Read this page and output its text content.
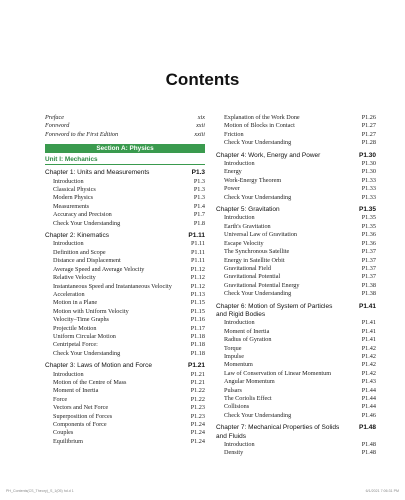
Contents
Preface	xix
Foreword	xxii
Foreword to the First Edition	xxiii
Section A: Physics
Unit I: Mechanics
Chapter 1: Units and Measurements	P1.3
Introduction	P1.3
Classical Physics	P1.3
Modern Physics	P1.3
Measurements	P1.4
Accuracy and Precision	P1.7
Check Your Understanding	P1.8
Chapter 2: Kinematics	P1.11
Introduction	P1.11
Definition and Scope	P1.11
Distance and Displacement	P1.11
Average Speed and Average Velocity	P1.12
Relative Velocity	P1.12
Instantaneous Speed and Instantaneous Velocity	P1.12
Acceleration	P1.13
Motion in a Plane	P1.15
Motion with Uniform Velocity	P1.15
Velocity–Time Graphs	P1.16
Projectile Motion	P1.17
Uniform Circular Motion	P1.18
Centripetal Force:	P1.18
Check Your Understanding	P1.18
Chapter 3: Laws of Motion and Force	P1.21
Introduction	P1.21
Motion of the Centre of Mass	P1.21
Moment of Inertia	P1.22
Force	P1.22
Vectors and Net Force	P1.23
Superposition of Forces	P1.23
Components of Force	P1.24
Couples	P1.24
Equilibrium	P1.24
Explanation of the Work Done	P1.26
Motion of Blocks in Contact	P1.27
Friction	P1.27
Check Your Understanding	P1.28
Chapter 4: Work, Energy and Power	P1.30
Introduction	P1.30
Energy	P1.30
Work-Energy Theorem	P1.33
Power	P1.33
Check Your Understanding	P1.33
Chapter 5: Gravitation	P1.35
Introduction	P1.35
Earth's Gravitation	P1.35
Universal Law of Gravitation	P1.36
Escape Velocity	P1.36
The Synchronous Satellite	P1.37
Energy in Satellite Orbit	P1.37
Gravitational Field	P1.37
Gravitational Potential	P1.37
Gravitational Potential Energy	P1.38
Check Your Understanding	P1.38
Chapter 6: Motion of System of Particles and Rigid Bodies
P1.41
Introduction	P1.41
Moment of Inertia	P1.41
Radius of Gyration	P1.41
Torque	P1.42
Impulse	P1.42
Momentum	P1.42
Law of Conservation of Linear Momentum	P1.42
Angular Momentum	P1.43
Pulsars	P1.44
The Coriolis Effect	P1.44
Collisions	P1.44
Check Your Understanding	P1.46
Chapter 7: Mechanical Properties of Solids and Fluids
P1.48
Introduction	P1.48
Density	P1.48
PH_Contents(CS_Theory)_S_1(05) hd.d 1	6/1/2021 7:06:31 PM
